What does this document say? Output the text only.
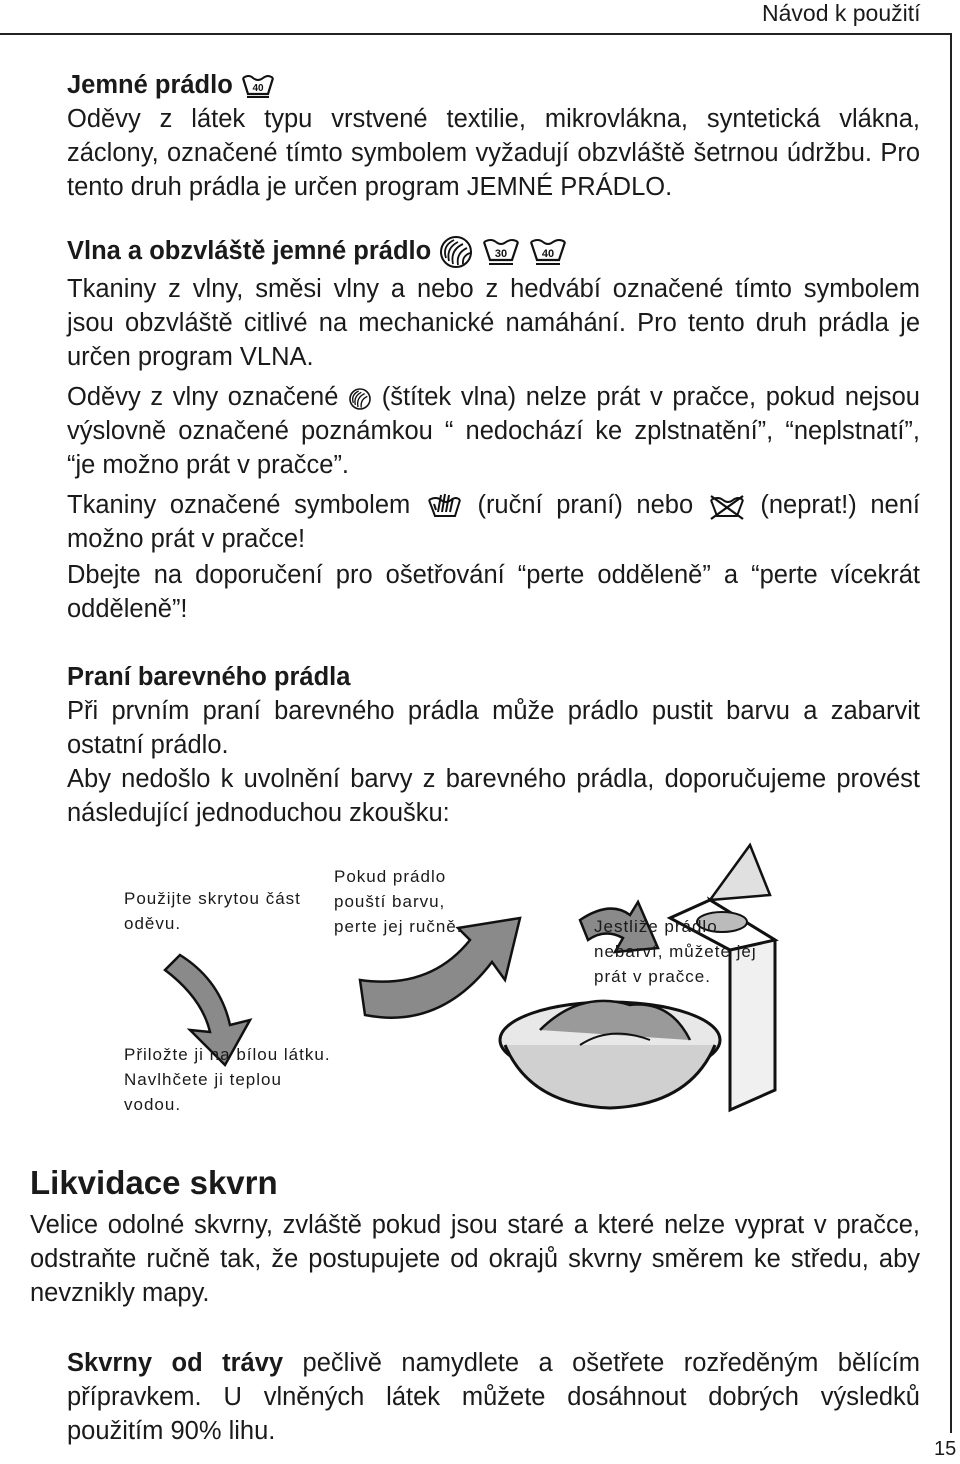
Návod k použití

Jemné prádlo 40

Oděvy z látek typu vrstvené textilie, mikrovlákna, syntetická vlákna, záclony, označené tímto symbolem vyžadují obzvláště šetrnou údržbu. Pro tento druh prádla je určen program JEMNÉ PRÁDLO.

Vlna a obzvláště jemné prádlo	30
	40

Tkaniny z vlny, směsi vlny a nebo z hedvábí označené tímto symbolem jsou obzvláště citlivé na mechanické namáhání. Pro tento druh prádla je určen program VLNA.

Oděvy z vlny označené (štítek vlna) nelze prát v pračce, pokud nejsou výslovně označené poznámkou “ nedochází ke zplstnatění”, “neplstnatí”, “je možno prát v pračce”.

Tkaniny označené symbolem	(ruční praní) nebo	(neprat!) není možno prát v pračce!

Dbejte na doporučení pro ošetřování “perte odděleně” a “perte vícekrát odděleně”!

Praní barevného prádla

Při prvním praní barevného prádla může prádlo pustit barvu a zabarvit ostatní prádlo.

Aby nedošlo k uvolnění barvy z barevného prádla, doporučujeme provést následující jednoduchou zkoušku:

Použijte skrytou část oděvu.
Přiložte ji na bílou látku. Navlhčete ji teplou vodou.
Pokud prádlo pouští barvu, perte jej ručně.	Jestliže prádlo nebarví, můžete jej prát v pračce.
Likvidace skvrn

Velice odolné skvrny, zvláště pokud jsou staré a které nelze vyprat v pračce, odstraňte ručně tak, že postupujete od okrajů skvrny směrem ke středu, aby nevznikly mapy.

Skvrny od trávy pečlivě namydlete a ošetřete rozředěným bělícím přípravkem. U vlněných látek můžete dosáhnout dobrých výsledků použitím 90% lihu.

15
